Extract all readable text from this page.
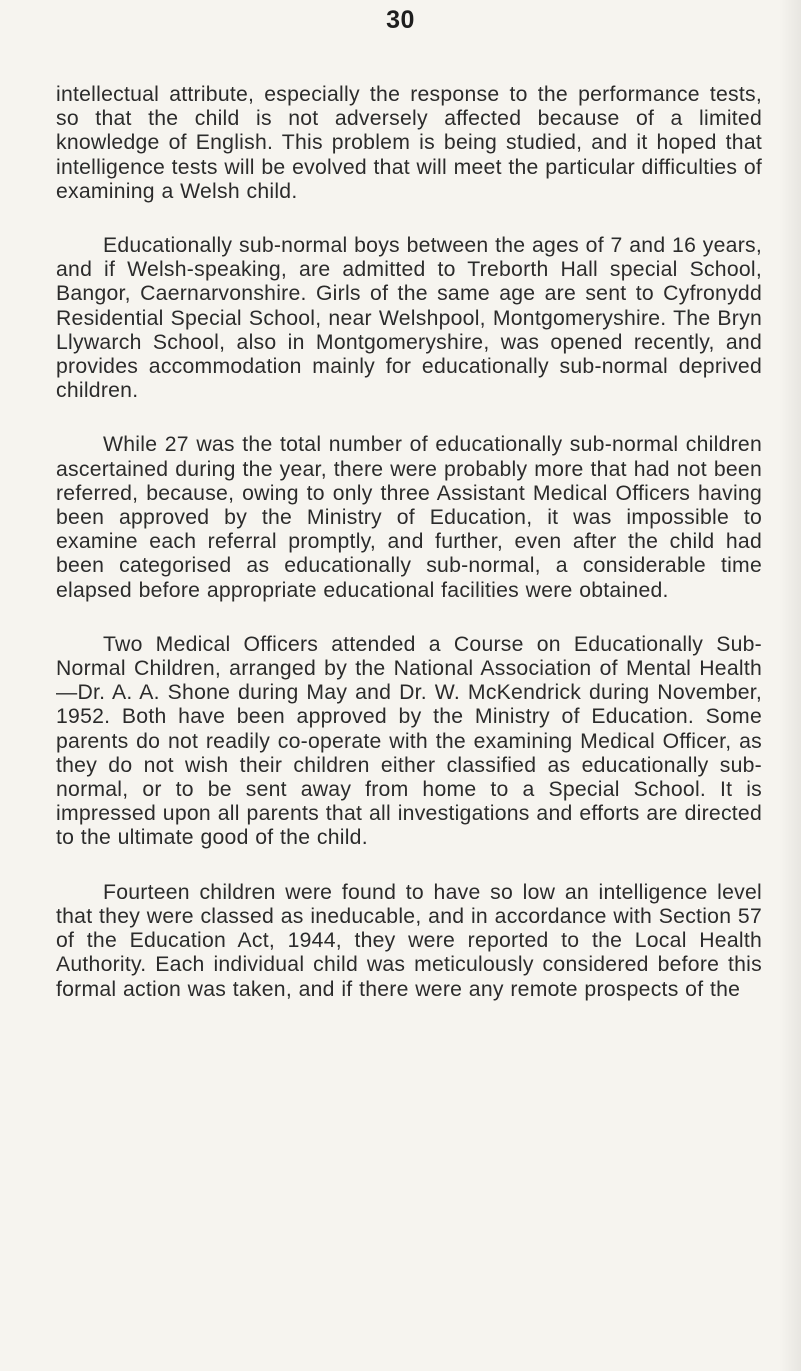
30

intellectual attribute, especially the response to the performance tests, so that the child is not adversely affected because of a limited knowledge of English. This problem is being studied, and it hoped that intelligence tests will be evolved that will meet the particular difficulties of examining a Welsh child.

Educationally sub-normal boys between the ages of 7 and 16 years, and if Welsh-speaking, are admitted to Treborth Hall special School, Bangor, Caernarvonshire. Girls of the same age are sent to Cyfronydd Residential Special School, near Welshpool, Montgomeryshire. The Bryn Llywarch School, also in Montgomeryshire, was opened recently, and provides accommodation mainly for educationally sub-normal deprived children.

While 27 was the total number of educationally sub-normal children ascertained during the year, there were probably more that had not been referred, because, owing to only three Assistant Medical Officers having been approved by the Ministry of Education, it was impossible to examine each referral promptly, and further, even after the child had been categorised as educationally sub-normal, a considerable time elapsed before appropriate educational facilities were obtained.

Two Medical Officers attended a Course on Educationally Sub-Normal Children, arranged by the National Association of Mental Health—Dr. A. A. Shone during May and Dr. W. McKendrick during November, 1952. Both have been approved by the Ministry of Education. Some parents do not readily co-operate with the examining Medical Officer, as they do not wish their children either classified as educationally sub-normal, or to be sent away from home to a Special School. It is impressed upon all parents that all investigations and efforts are directed to the ultimate good of the child.

Fourteen children were found to have so low an intelligence level that they were classed as ineducable, and in accordance with Section 57 of the Education Act, 1944, they were reported to the Local Health Authority. Each individual child was meticulously considered before this formal action was taken, and if there were any remote prospects of the
